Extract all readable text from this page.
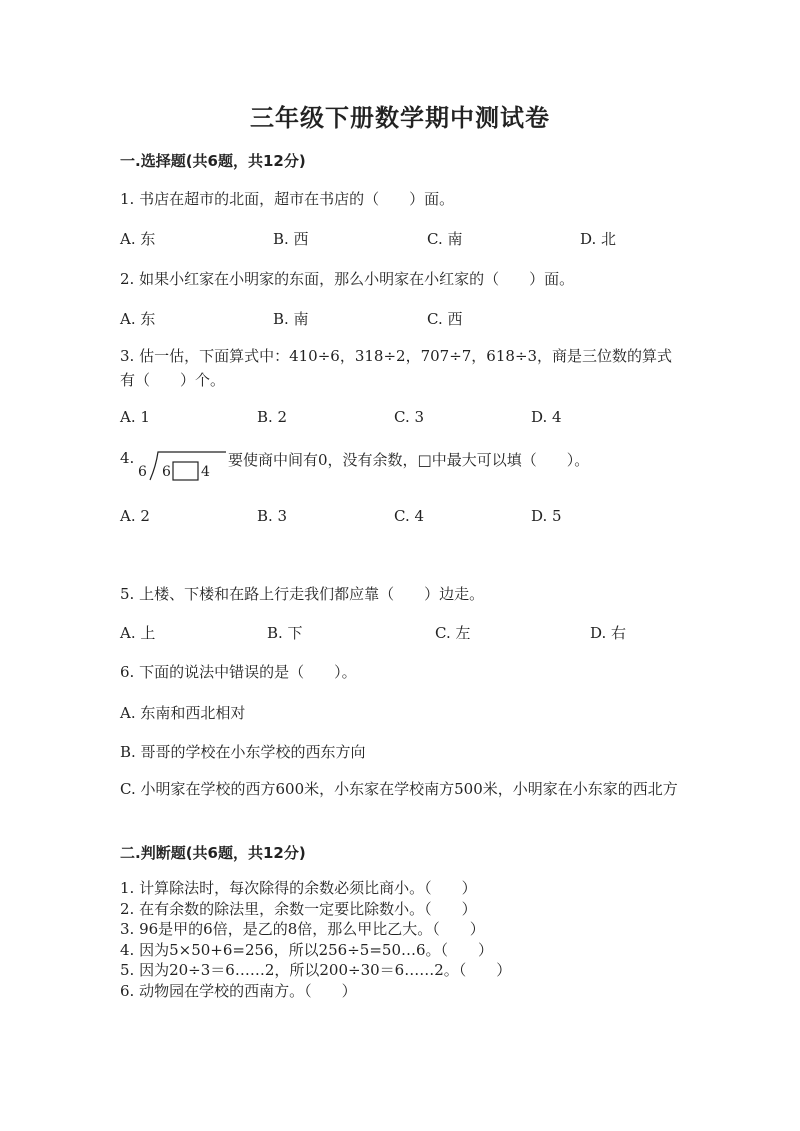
三年级下册数学期中测试卷
一.选择题(共6题，共12分)
1. 书店在超市的北面，超市在书店的（　　）面。
A. 东	B. 西	C. 南	D. 北
2. 如果小红家在小明家的东面，那么小明家在小红家的（　　）面。
A. 东	B. 南	C. 西
3. 估一估，下面算式中：410÷6，318÷2，707÷7，618÷3，商是三位数的算式有（　　）个。
A. 1	B. 2	C. 3	D. 4
4.
6 6 4
要使商中间有0，没有余数，□中最大可以填（　　）。
A. 2	B. 3	C. 4	D. 5
5. 上楼、下楼和在路上行走我们都应靠（　　）边走。
A. 上	B. 下	C. 左	D. 右
6. 下面的说法中错误的是（　　）。
A. 东南和西北相对
B. 哥哥的学校在小东学校的西东方向
C. 小明家在学校的西方600米，小东家在学校南方500米，小明家在小东家的西北方
二.判断题(共6题，共12分)
1. 计算除法时，每次除得的余数必须比商小。（　　）
2. 在有余数的除法里，余数一定要比除数小。（　　）
3. 96是甲的6倍，是乙的8倍，那么甲比乙大。（　　）
4. 因为5×50+6=256，所以256÷5=50…6。（　　）
5. 因为20÷3＝6……2，所以200÷30＝6……2。（　　）
6. 动物园在学校的西南方。（　　）
